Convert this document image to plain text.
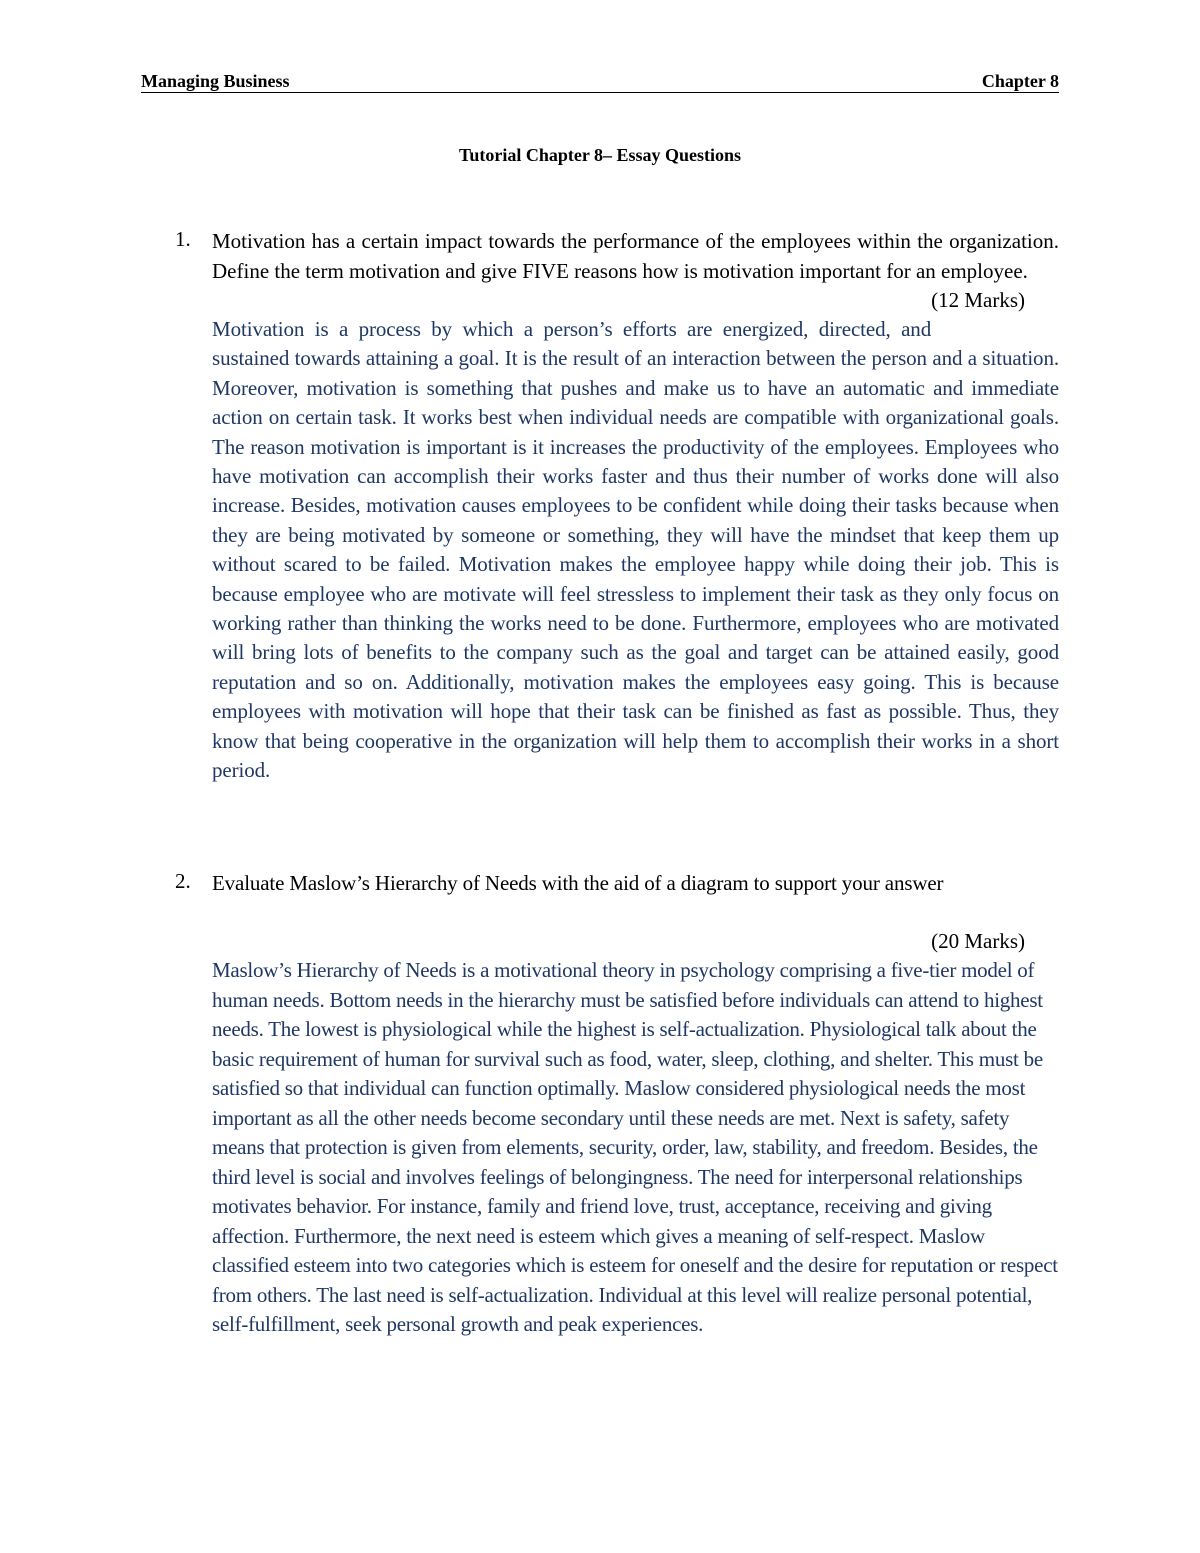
Managing Business	Chapter 8
Tutorial Chapter 8– Essay Questions
1.	Motivation has a certain impact towards the performance of the employees within the organization. Define the term motivation and give FIVE reasons how is motivation important for an employee.
(12 Marks)
Motivation is a process by which a person’s efforts are energized, directed, and sustained towards attaining a goal. It is the result of an interaction between the person and a situation. Moreover, motivation is something that pushes and make us to have an automatic and immediate action on certain task. It works best when individual needs are compatible with organizational goals. The reason motivation is important is it increases the productivity of the employees. Employees who have motivation can accomplish their works faster and thus their number of works done will also increase. Besides, motivation causes employees to be confident while doing their tasks because when they are being motivated by someone or something, they will have the mindset that keep them up without scared to be failed. Motivation makes the employee happy while doing their job. This is because employee who are motivate will feel stressless to implement their task as they only focus on working rather than thinking the works need to be done. Furthermore, employees who are motivated will bring lots of benefits to the company such as the goal and target can be attained easily, good reputation and so on. Additionally, motivation makes the employees easy going. This is because employees with motivation will hope that their task can be finished as fast as possible. Thus, they know that being cooperative in the organization will help them to accomplish their works in a short period.
2.	Evaluate Maslow’s Hierarchy of Needs with the aid of a diagram to support your answer
(20 Marks)
Maslow’s Hierarchy of Needs is a motivational theory in psychology comprising a five-tier model of human needs. Bottom needs in the hierarchy must be satisfied before individuals can attend to highest needs. The lowest is physiological while the highest is self-actualization. Physiological talk about the basic requirement of human for survival such as food, water, sleep, clothing, and shelter. This must be satisfied so that individual can function optimally. Maslow considered physiological needs the most important as all the other needs become secondary until these needs are met. Next is safety, safety means that protection is given from elements, security, order, law, stability, and freedom. Besides, the third level is social and involves feelings of belongingness. The need for interpersonal relationships motivates behavior. For instance, family and friend love, trust, acceptance, receiving and giving affection. Furthermore, the next need is esteem which gives a meaning of self-respect. Maslow classified esteem into two categories which is esteem for oneself and the desire for reputation or respect from others. The last need is self-actualization. Individual at this level will realize personal potential, self-fulfillment, seek personal growth and peak experiences.
